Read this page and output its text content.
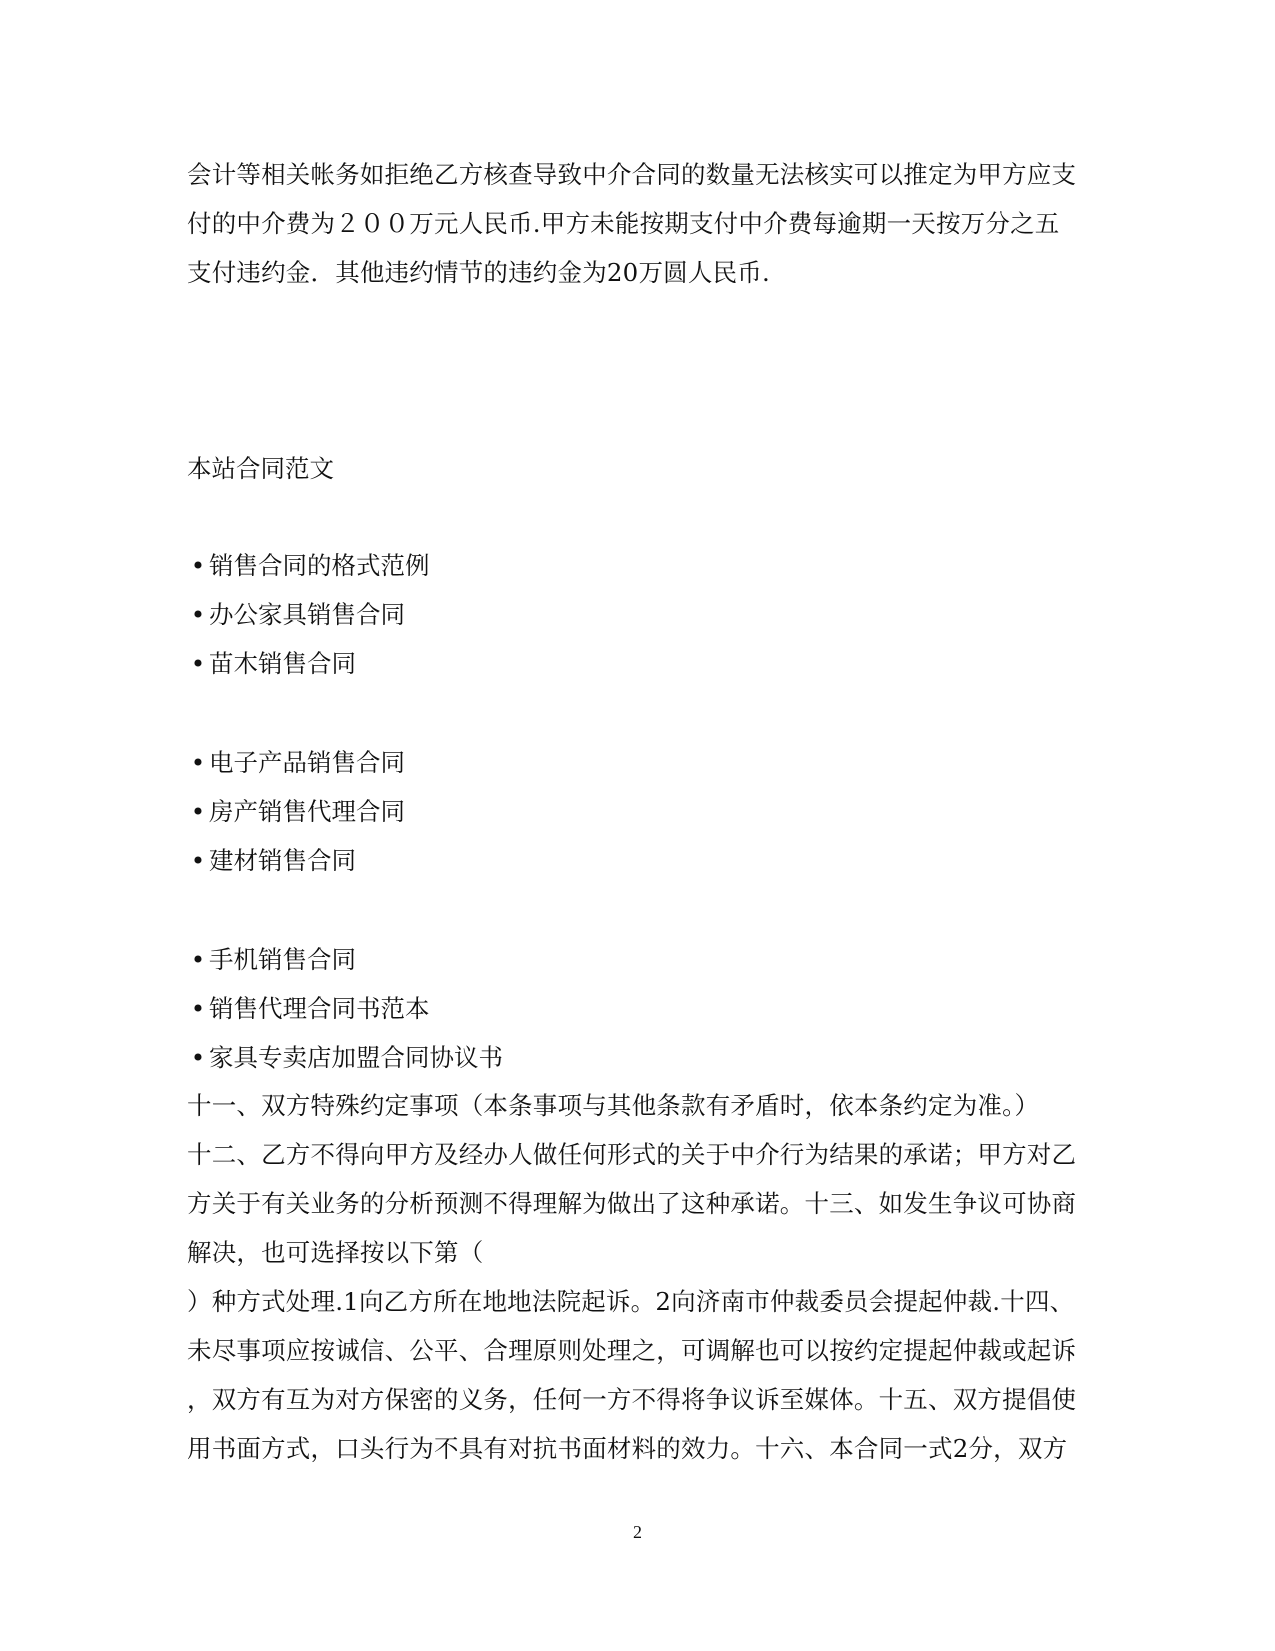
会计等相关帐务如拒绝乙方核查导致中介合同的数量无法核实可以推定为甲方应支
付的中介费为２００万元人民币.甲方未能按期支付中介费每逾期一天按万分之五
支付违约金．其他违约情节的违约金为20万圆人民币.

本站合同范文
• 销售合同的格式范例
• 办公家具销售合同
• 苗木销售合同
• 电子产品销售合同
• 房产销售代理合同
• 建材销售合同
• 手机销售合同
• 销售代理合同书范本
• 家具专卖店加盟合同协议书

十一、双方特殊约定事项（本条事项与其他条款有矛盾时，依本条约定为准。）
十二、乙方不得向甲方及经办人做任何形式的关于中介行为结果的承诺；甲方对乙
方关于有关业务的分析预测不得理解为做出了这种承诺。十三、如发生争议可协商
解决，也可选择按以下第（
）种方式处理.1向乙方所在地地法院起诉。2向济南市仲裁委员会提起仲裁.十四、
未尽事项应按诚信、公平、合理原则处理之，可调解也可以按约定提起仲裁或起诉
，双方有互为对方保密的义务，任何一方不得将争议诉至媒体。十五、双方提倡使
用书面方式，口头行为不具有对抗书面材料的效力。十六、本合同一式2分，双方

2
